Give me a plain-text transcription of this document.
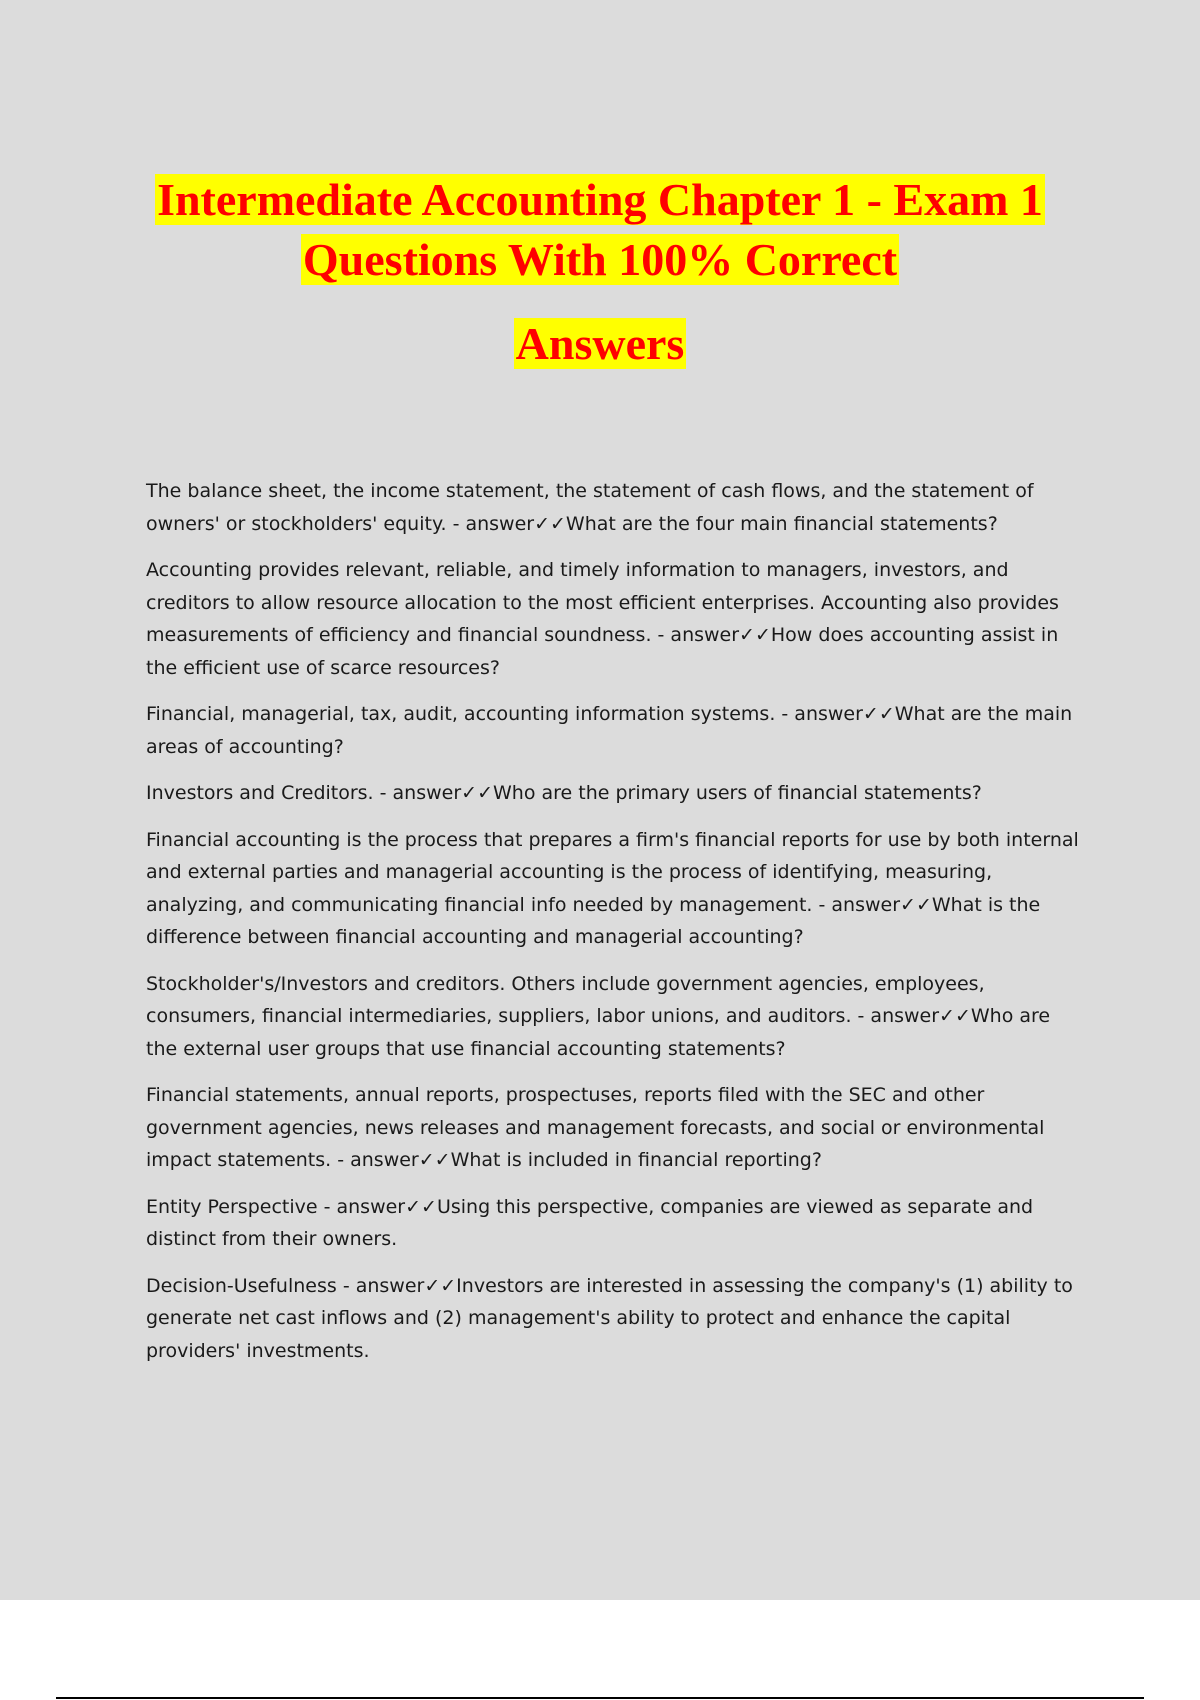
Intermediate Accounting Chapter 1 - Exam 1
Questions With 100% Correct
Answers

The balance sheet, the income statement, the statement of cash flows, and the statement of owners' or stockholders' equity. - answer✓✓What are the four main financial statements?

Accounting provides relevant, reliable, and timely information to managers, investors, and creditors to allow resource allocation to the most efficient enterprises. Accounting also provides measurements of efficiency and financial soundness. - answer✓✓How does accounting assist in the efficient use of scarce resources?

Financial, managerial, tax, audit, accounting information systems. - answer✓✓What are the main areas of accounting?

Investors and Creditors. - answer✓✓Who are the primary users of financial statements?

Financial accounting is the process that prepares a firm's financial reports for use by both internal and external parties and managerial accounting is the process of identifying, measuring, analyzing, and communicating financial info needed by management. - answer✓✓What is the difference between financial accounting and managerial accounting?

Stockholder's/Investors and creditors. Others include government agencies, employees, consumers, financial intermediaries, suppliers, labor unions, and auditors. - answer✓✓Who are the external user groups that use financial accounting statements?

Financial statements, annual reports, prospectuses, reports filed with the SEC and other government agencies, news releases and management forecasts, and social or environmental impact statements. - answer✓✓What is included in financial reporting?

Entity Perspective - answer✓✓Using this perspective, companies are viewed as separate and distinct from their owners.

Decision-Usefulness - answer✓✓Investors are interested in assessing the company's (1) ability to generate net cast inflows and (2) management's ability to protect and enhance the capital providers' investments.
